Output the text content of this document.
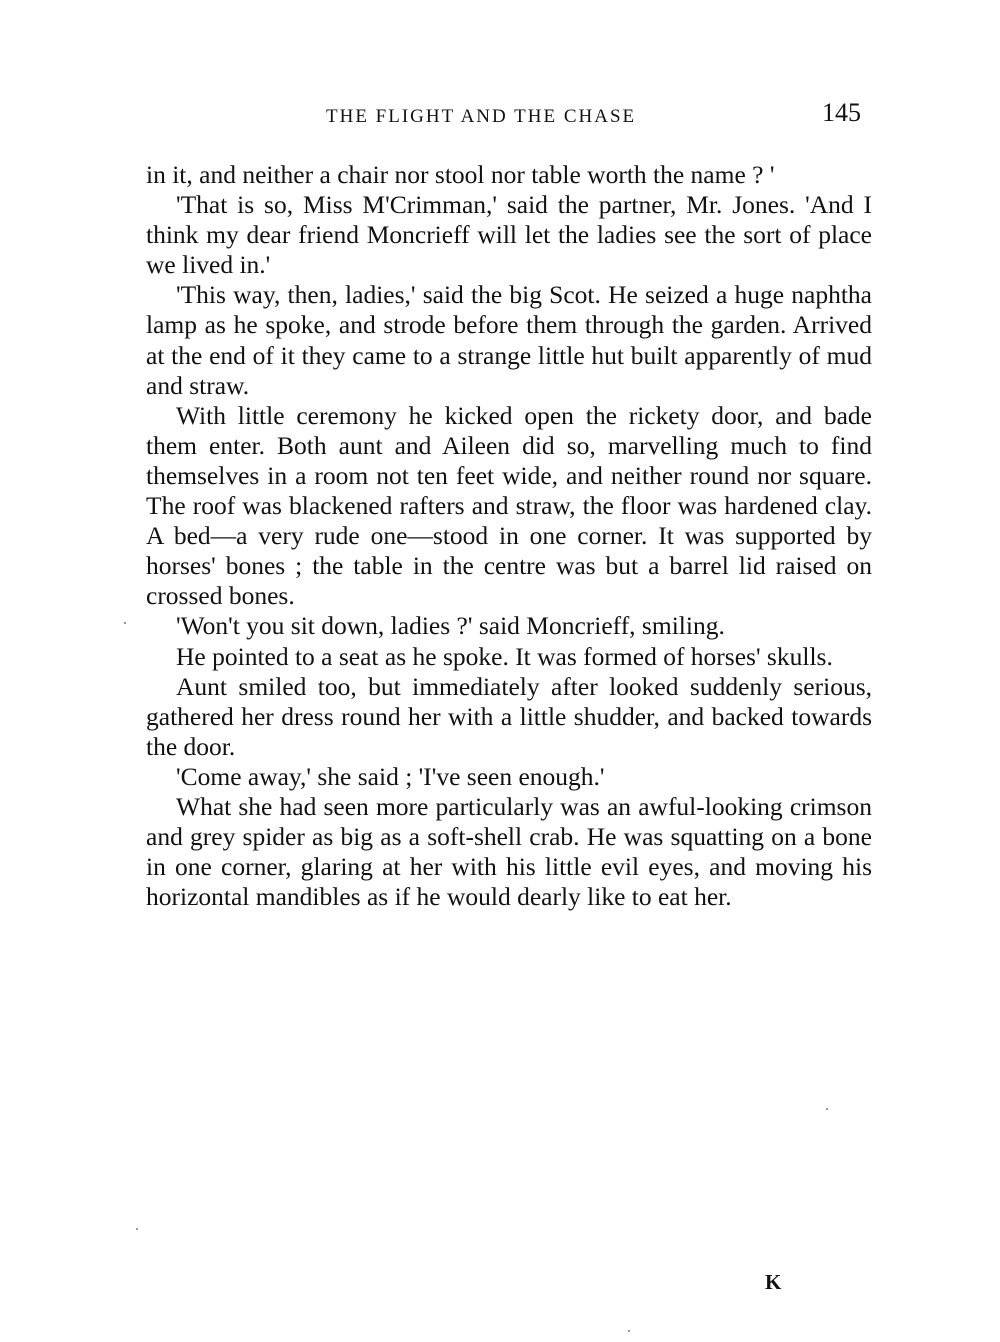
THE FLIGHT AND THE CHASE	145

in it, and neither a chair nor stool nor table worth the name ? '

'That is so, Miss M'Crimman,' said the partner, Mr. Jones. 'And I think my dear friend Moncrieff will let the ladies see the sort of place we lived in.'

'This way, then, ladies,' said the big Scot. He seized a huge naphtha lamp as he spoke, and strode before them through the garden. Arrived at the end of it they came to a strange little hut built apparently of mud and straw.

With little ceremony he kicked open the rickety door, and bade them enter. Both aunt and Aileen did so, marvelling much to find themselves in a room not ten feet wide, and neither round nor square. The roof was blackened rafters and straw, the floor was hardened clay. A bed—a very rude one—stood in one corner. It was supported by horses' bones ; the table in the centre was but a barrel lid raised on crossed bones.

'Won't you sit down, ladies ?' said Moncrieff, smiling.

He pointed to a seat as he spoke. It was formed of horses' skulls.

Aunt smiled too, but immediately after looked suddenly serious, gathered her dress round her with a little shudder, and backed towards the door.

'Come away,' she said ; 'I've seen enough.'

What she had seen more particularly was an awful-looking crimson and grey spider as big as a soft-shell crab. He was squatting on a bone in one corner, glaring at her with his little evil eyes, and moving his horizontal mandibles as if he would dearly like to eat her.

K
